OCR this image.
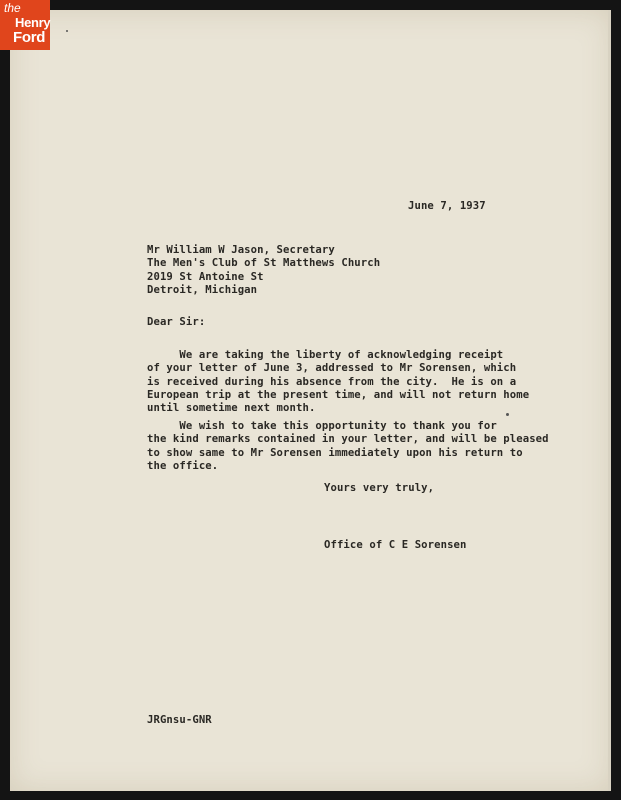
the
Henry
Ford
June 7, 1937
Mr William W Jason, Secretary
The Men's Club of St Matthews Church
2019 St Antoine St
Detroit, Michigan
Dear Sir:
We are taking the liberty of acknowledging receipt
of your letter of June 3, addressed to Mr Sorensen, which
is received during his absence from the city.  He is on a
European trip at the present time, and will not return home
until sometime next month.
We wish to take this opportunity to thank you for
the kind remarks contained in your letter, and will be pleased
to show same to Mr Sorensen immediately upon his return to
the office.
Yours very truly,
Office of C E Sorensen
JRGnsu-GNR
